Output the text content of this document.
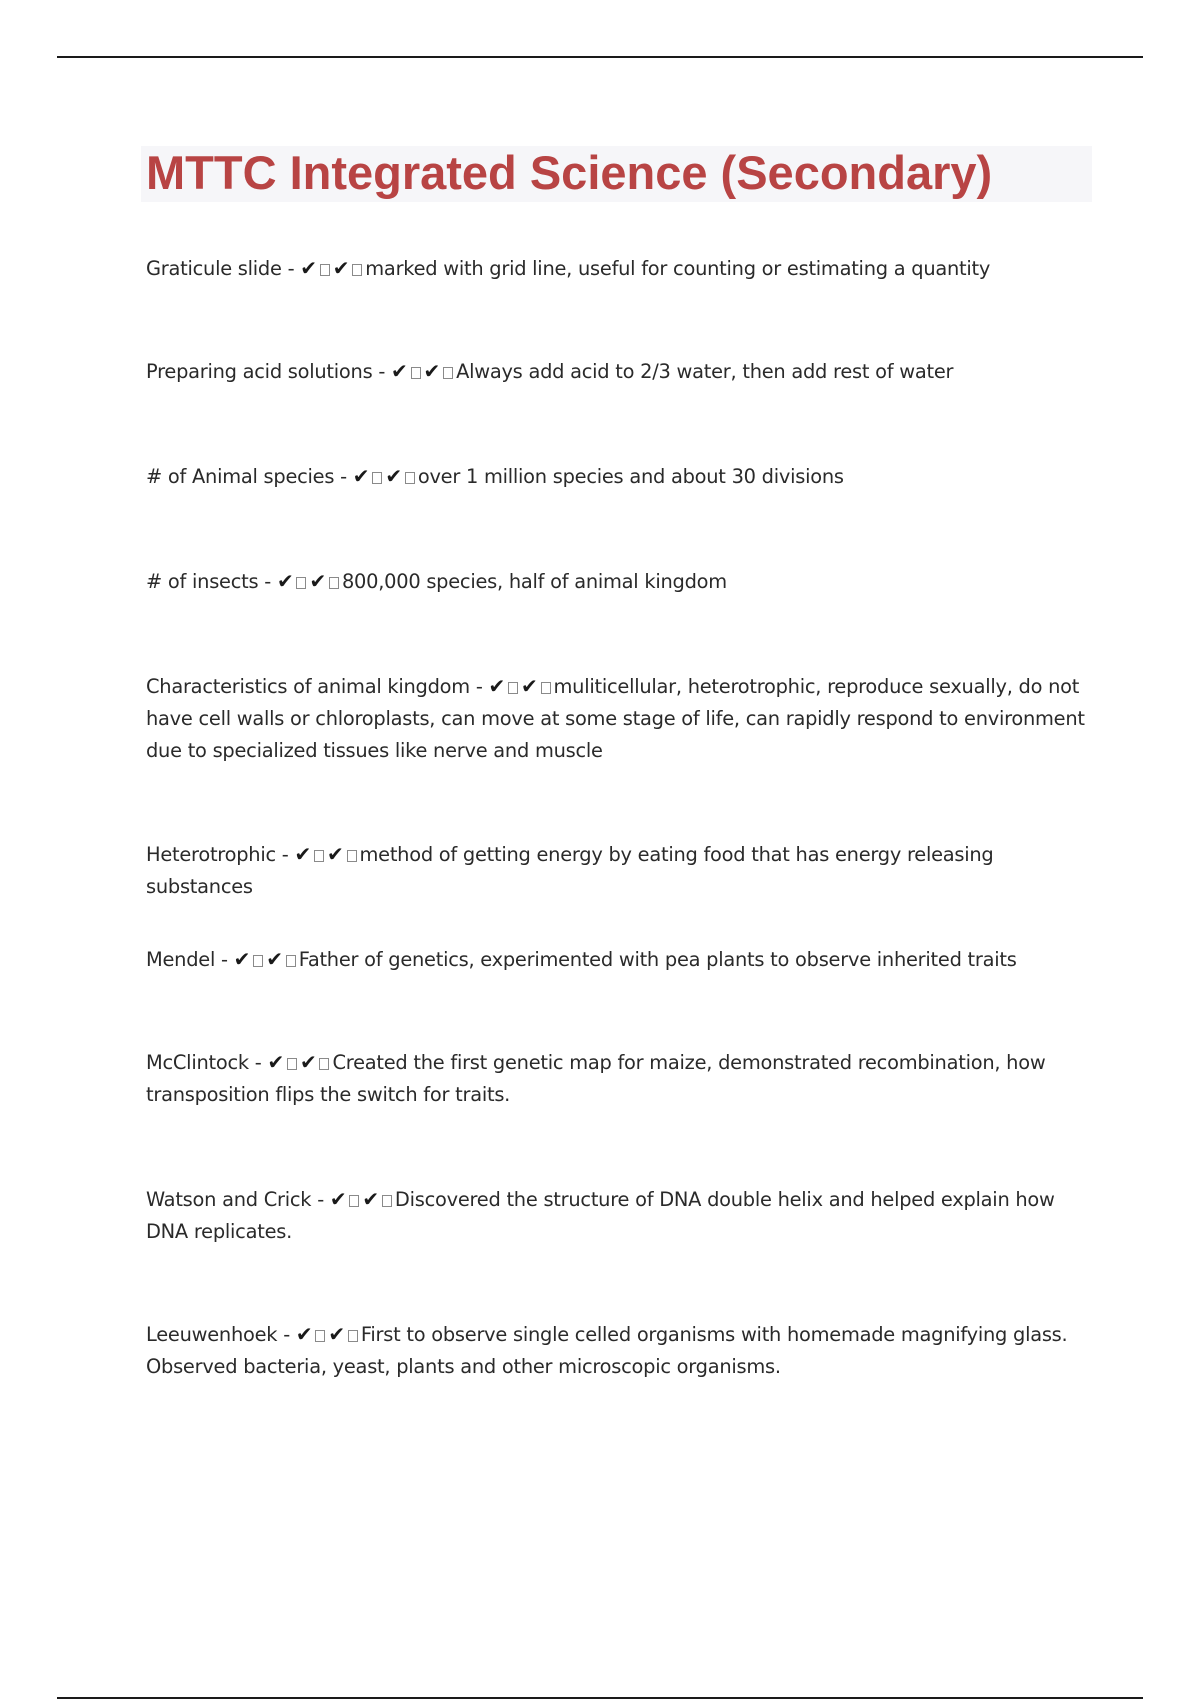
MTTC Integrated Science (Secondary)

Graticule slide - ✔ ✔ marked with grid line, useful for counting or estimating a quantity

Preparing acid solutions - ✔ ✔ Always add acid to 2/3 water, then add rest of water

# of Animal species - ✔ ✔ over 1 million species and about 30 divisions

# of insects - ✔ ✔ 800,000 species, half of animal kingdom

Characteristics of animal kingdom - ✔ ✔ muliticellular, heterotrophic, reproduce sexually, do not have cell walls or chloroplasts, can move at some stage of life, can rapidly respond to environment due to specialized tissues like nerve and muscle

Heterotrophic - ✔ ✔ method of getting energy by eating food that has energy releasing substances

Mendel - ✔ ✔ Father of genetics, experimented with pea plants to observe inherited traits

McClintock - ✔ ✔ Created the first genetic map for maize, demonstrated recombination, how transposition flips the switch for traits.

Watson and Crick - ✔ ✔ Discovered the structure of DNA double helix and helped explain how DNA replicates.

Leeuwenhoek - ✔ ✔ First to observe single celled organisms with homemade magnifying glass. Observed bacteria, yeast, plants and other microscopic organisms.
